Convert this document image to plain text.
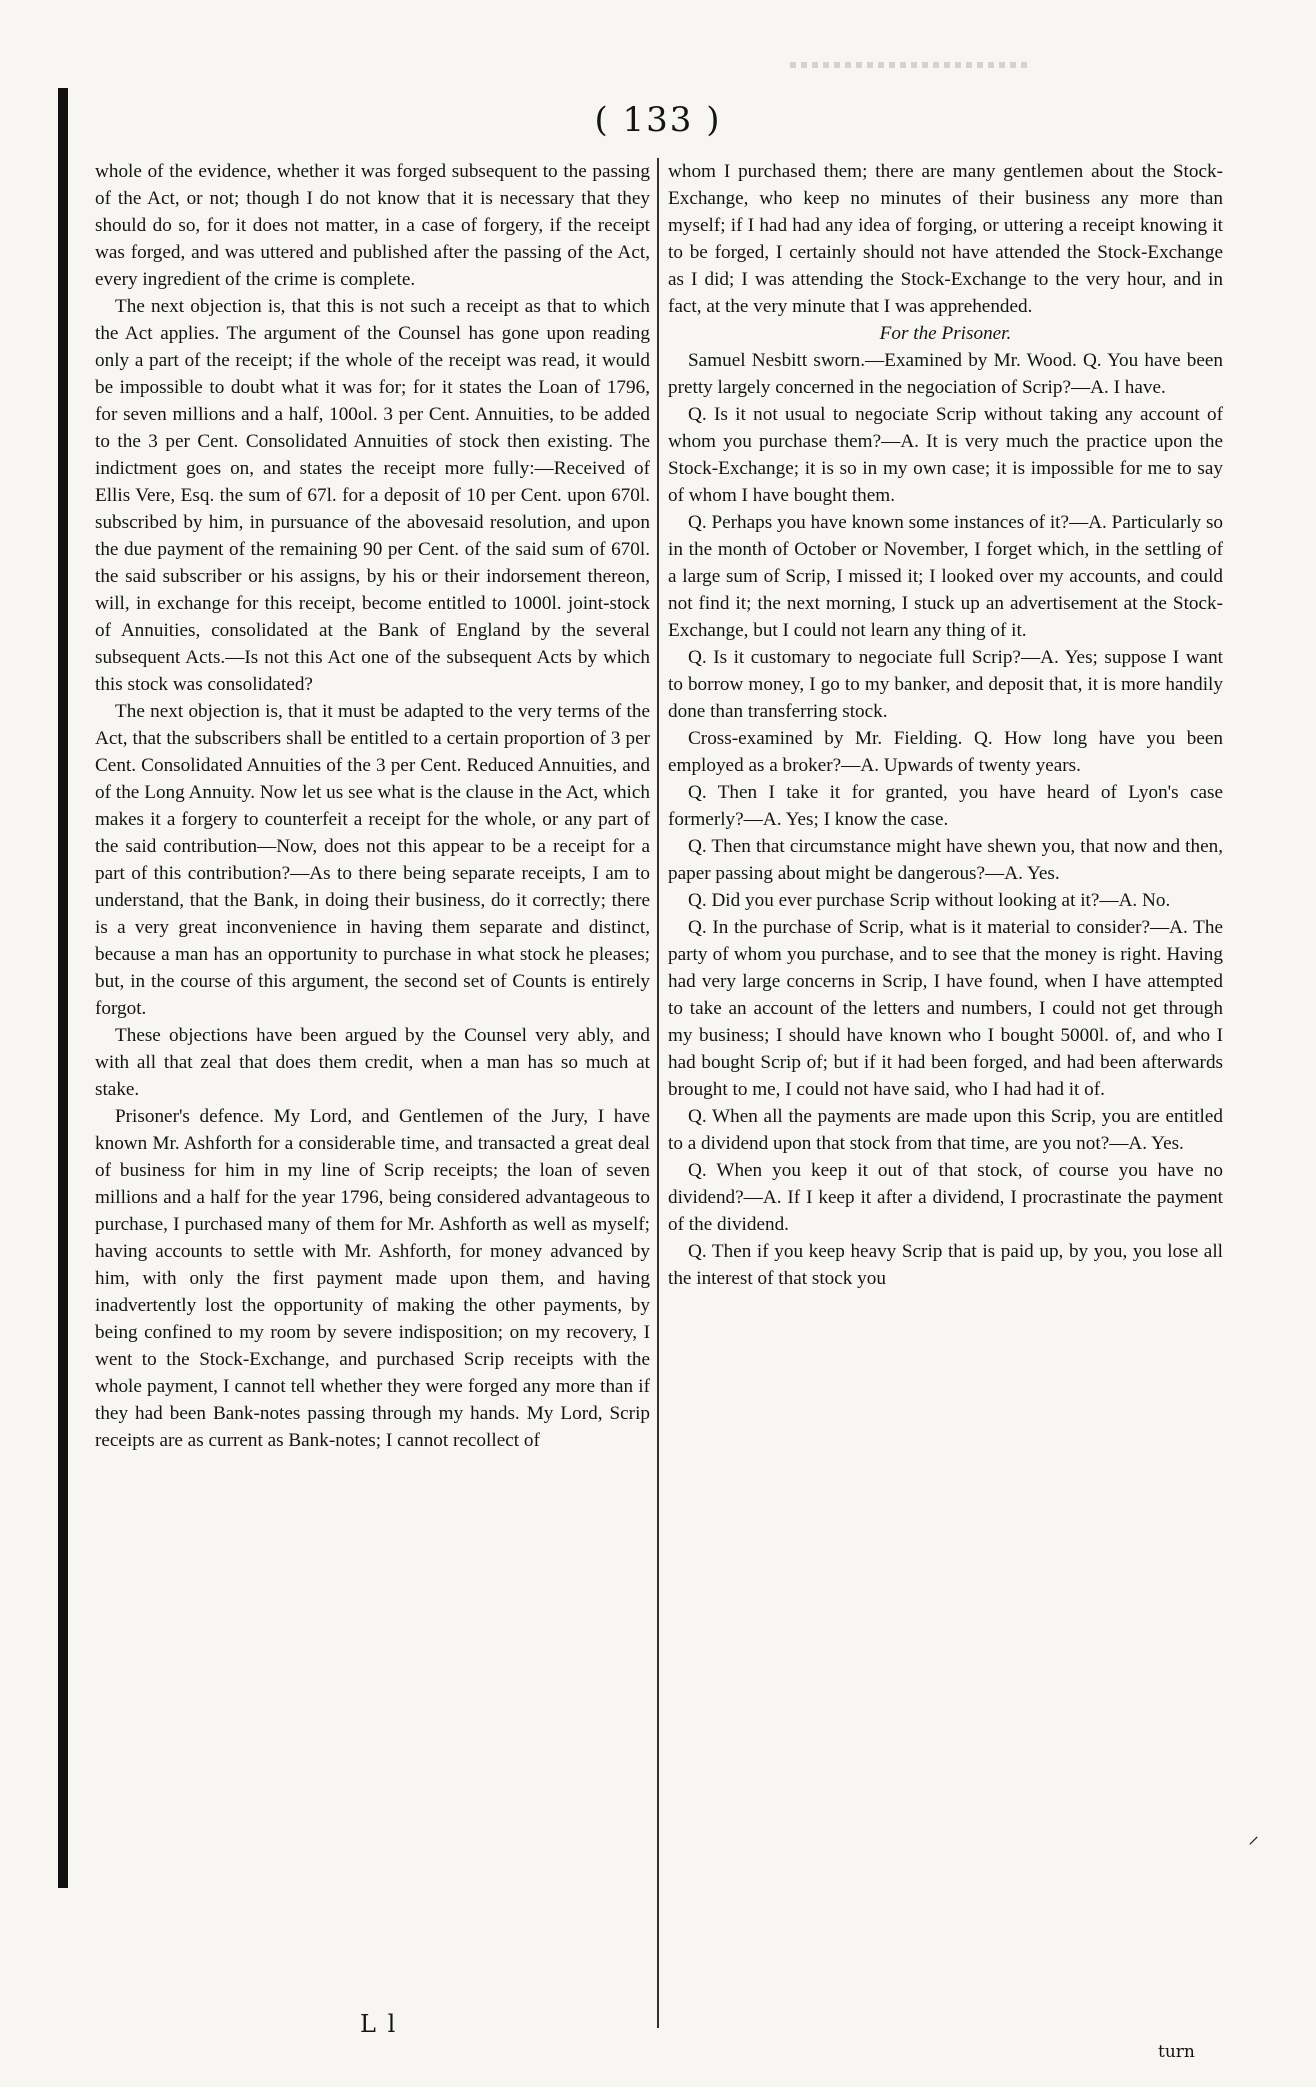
( 133 )

whole of the evidence, whether it was forged subsequent to the passing of the Act, or not; though I do not know that it is necessary that they should do so, for it does not matter, in a case of forgery, if the receipt was forged, and was uttered and published after the passing of the Act, every ingredient of the crime is complete.

The next objection is, that this is not such a receipt as that to which the Act applies. The argument of the Counsel has gone upon reading only a part of the receipt; if the whole of the receipt was read, it would be impossible to doubt what it was for; for it states the Loan of 1796, for seven millions and a half, 100ol. 3 per Cent. Annuities, to be added to the 3 per Cent. Consolidated Annuities of stock then existing. The indictment goes on, and states the receipt more fully:—Received of Ellis Vere, Esq. the sum of 67l. for a deposit of 10 per Cent. upon 670l. subscribed by him, in pursuance of the abovesaid resolution, and upon the due payment of the remaining 90 per Cent. of the said sum of 670l. the said subscriber or his assigns, by his or their indorsement thereon, will, in exchange for this receipt, become entitled to 1000l. joint-stock of Annuities, consolidated at the Bank of England by the several subsequent Acts.—Is not this Act one of the subsequent Acts by which this stock was consolidated?

The next objection is, that it must be adapted to the very terms of the Act, that the subscribers shall be entitled to a certain proportion of 3 per Cent. Consolidated Annuities of the 3 per Cent. Reduced Annuities, and of the Long Annuity. Now let us see what is the clause in the Act, which makes it a forgery to counterfeit a receipt for the whole, or any part of the said contribution—Now, does not this appear to be a receipt for a part of this contribution?—As to there being separate receipts, I am to understand, that the Bank, in doing their business, do it correctly; there is a very great inconvenience in having them separate and distinct, because a man has an opportunity to purchase in what stock he pleases; but, in the course of this argument, the second set of Counts is entirely forgot.

These objections have been argued by the Counsel very ably, and with all that zeal that does them credit, when a man has so much at stake.

Prisoner's defence. My Lord, and Gentlemen of the Jury, I have known Mr. Ashforth for a considerable time, and transacted a great deal of business for him in my line of Scrip receipts; the loan of seven millions and a half for the year 1796, being considered advantageous to purchase, I purchased many of them for Mr. Ashforth as well as myself; having accounts to settle with Mr. Ashforth, for money advanced by him, with only the first payment made upon them, and having inadvertently lost the opportunity of making the other payments, by being confined to my room by severe indisposition; on my recovery, I went to the Stock-Exchange, and purchased Scrip receipts with the whole payment, I cannot tell whether they were forged any more than if they had been Bank-notes passing through my hands. My Lord, Scrip receipts are as current as Bank-notes; I cannot recollect of

whom I purchased them; there are many gentlemen about the Stock-Exchange, who keep no minutes of their business any more than myself; if I had had any idea of forging, or uttering a receipt knowing it to be forged, I certainly should not have attended the Stock-Exchange as I did; I was attending the Stock-Exchange to the very hour, and in fact, at the very minute that I was apprehended.

For the Prisoner.

Samuel Nesbitt sworn.—Examined by Mr. Wood. Q. You have been pretty largely concerned in the negociation of Scrip?—A. I have.

Q. Is it not usual to negociate Scrip without taking any account of whom you purchase them?—A. It is very much the practice upon the Stock-Exchange; it is so in my own case; it is impossible for me to say of whom I have bought them.

Q. Perhaps you have known some instances of it?—A. Particularly so in the month of October or November, I forget which, in the settling of a large sum of Scrip, I missed it; I looked over my accounts, and could not find it; the next morning, I stuck up an advertisement at the Stock-Exchange, but I could not learn any thing of it.

Q. Is it customary to negociate full Scrip?—A. Yes; suppose I want to borrow money, I go to my banker, and deposit that, it is more handily done than transferring stock.

Cross-examined by Mr. Fielding. Q. How long have you been employed as a broker?—A. Upwards of twenty years.

Q. Then I take it for granted, you have heard of Lyon's case formerly?—A. Yes; I know the case.

Q. Then that circumstance might have shewn you, that now and then, paper passing about might be dangerous?—A. Yes.

Q. Did you ever purchase Scrip without looking at it?—A. No.

Q. In the purchase of Scrip, what is it material to consider?—A. The party of whom you purchase, and to see that the money is right. Having had very large concerns in Scrip, I have found, when I have attempted to take an account of the letters and numbers, I could not get through my business; I should have known who I bought 5000l. of, and who I had bought Scrip of; but if it had been forged, and had been afterwards brought to me, I could not have said, who I had had it of.

Q. When all the payments are made upon this Scrip, you are entitled to a dividend upon that stock from that time, are you not?—A. Yes.

Q. When you keep it out of that stock, of course you have no dividend?—A. If I keep it after a dividend, I procrastinate the payment of the dividend.

Q. Then if you keep heavy Scrip that is paid up, by you, you lose all the interest of that stock you

⸝
L l
turn
